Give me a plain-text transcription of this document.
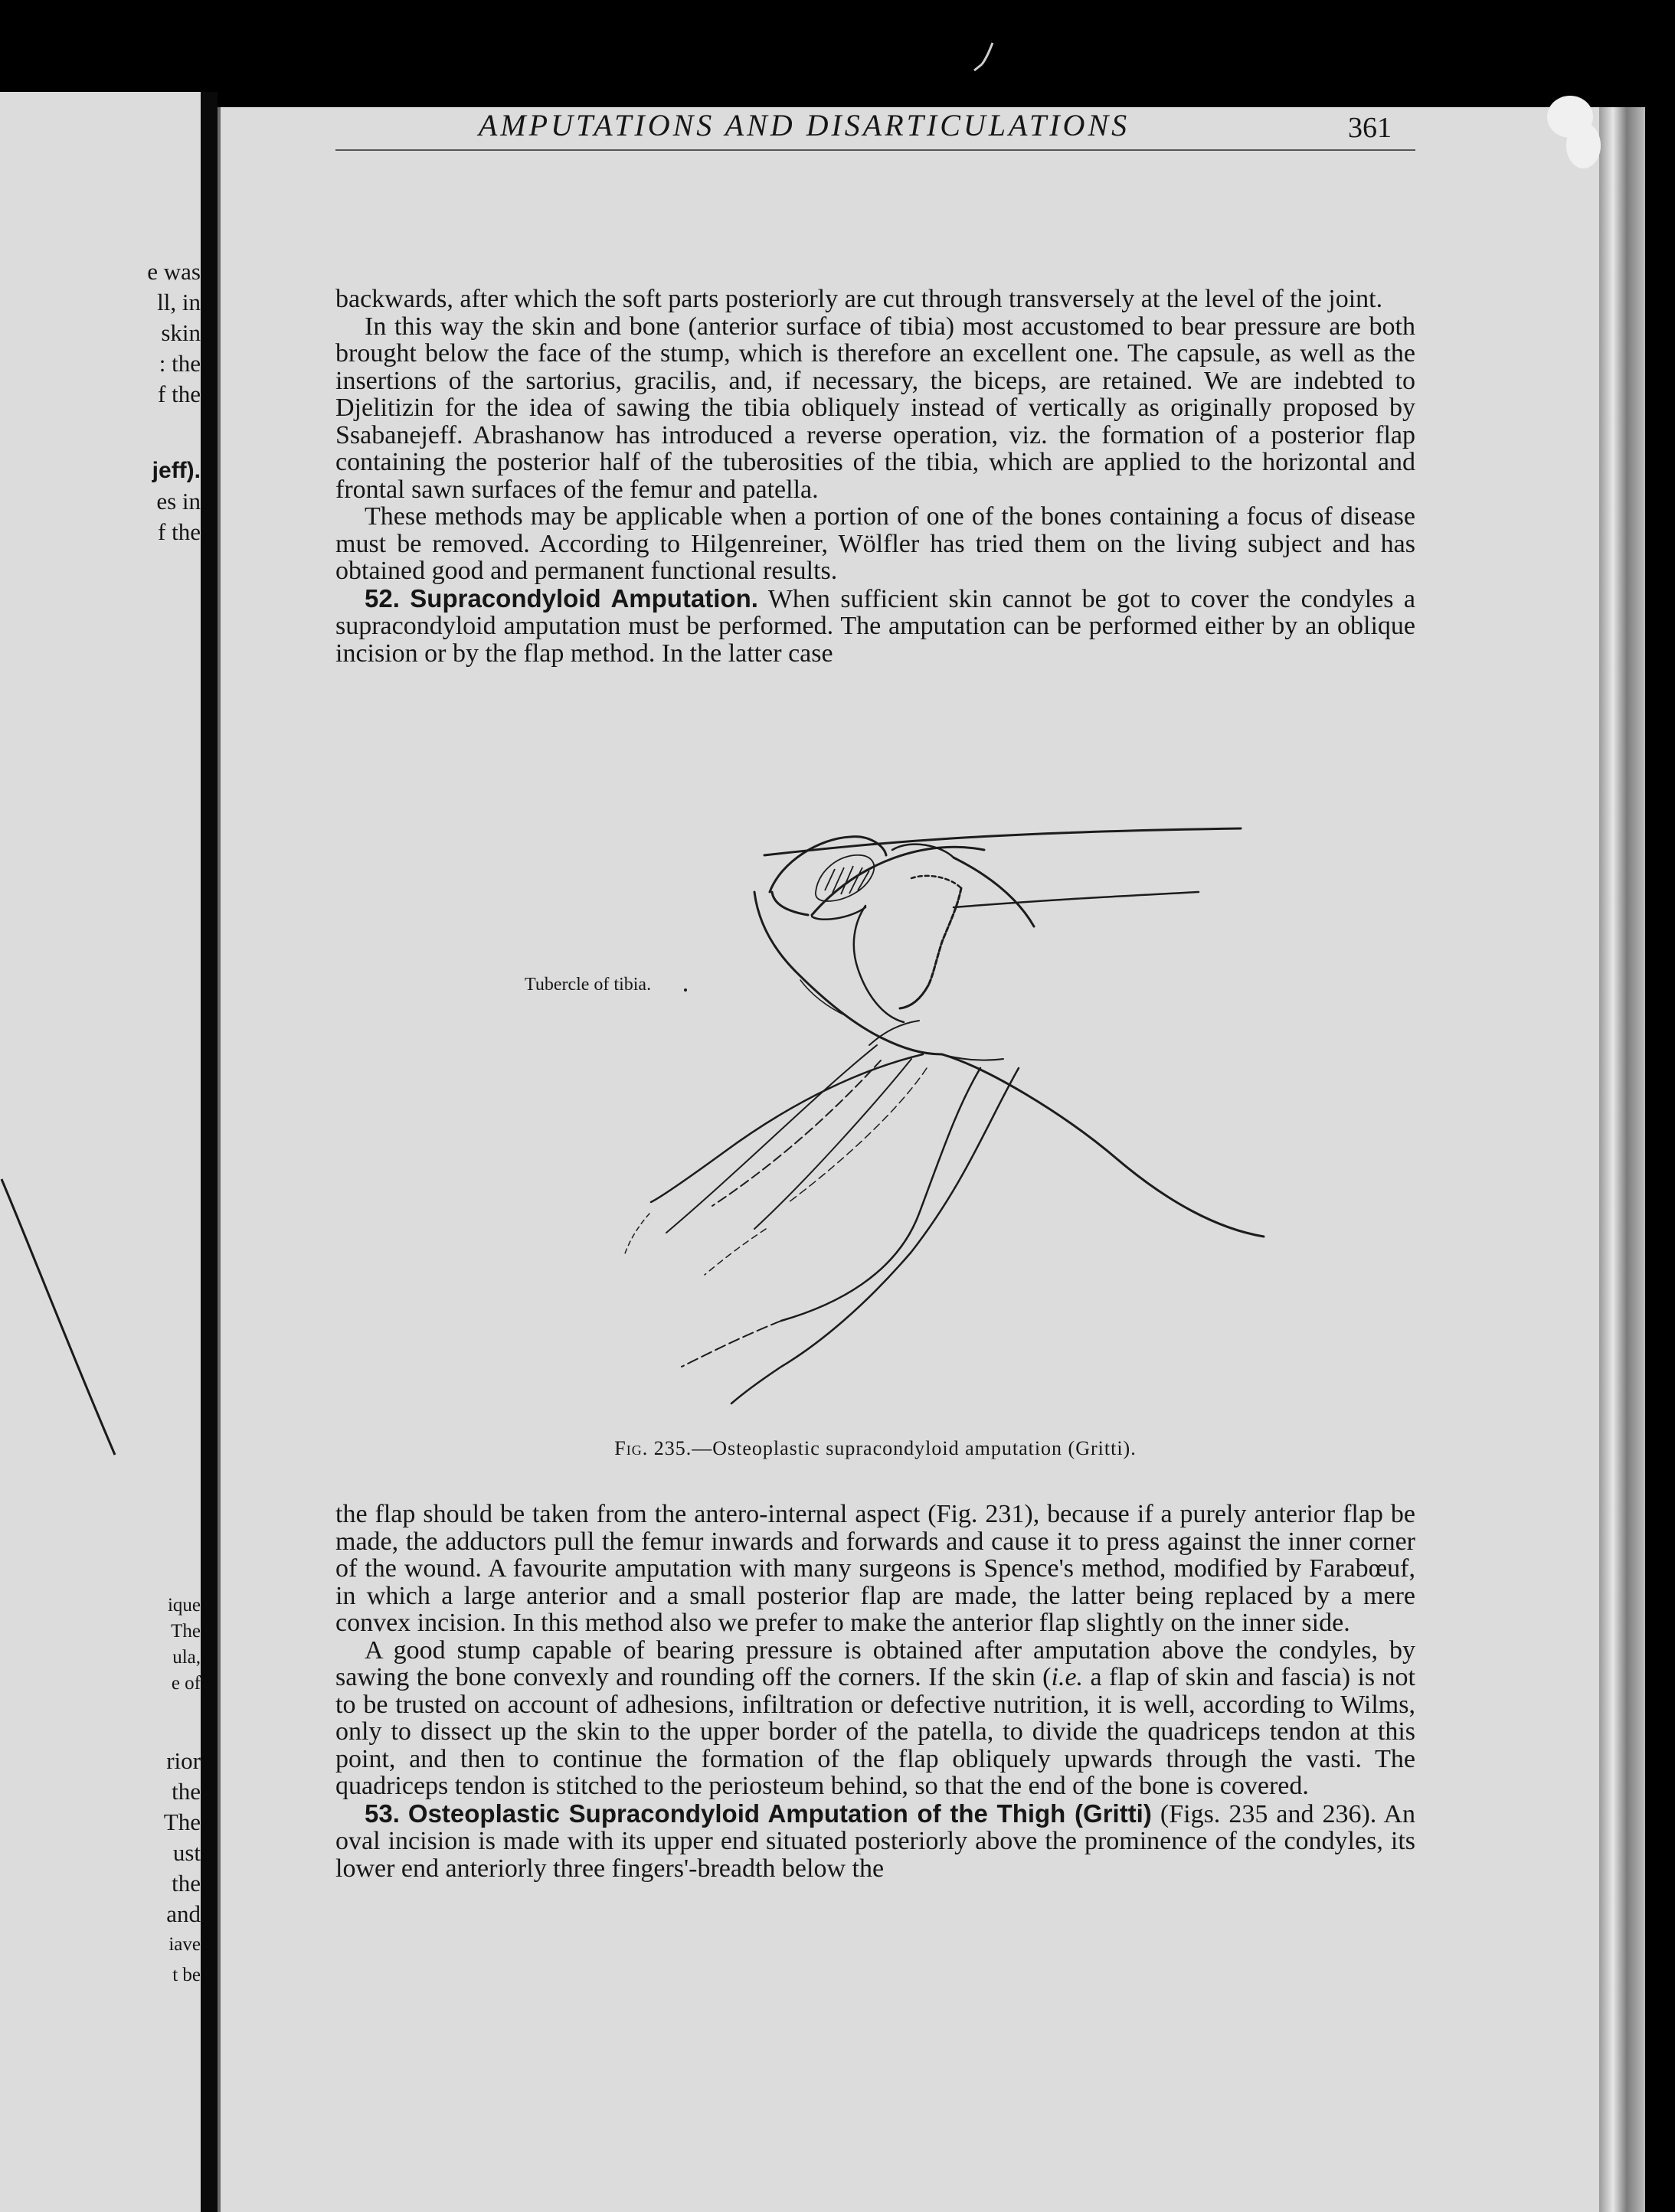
e was
ll, in
skin
: the
f the
jeff).
es in
f the
ique
The
ula,
e of
rior
the
The
ust
the
and
iave
t be
AMPUTATIONS AND DISARTICULATIONS	361

backwards, after which the soft parts posteriorly are cut through transversely at the level of the joint.

In this way the skin and bone (anterior surface of tibia) most accustomed to bear pressure are both brought below the face of the stump, which is therefore an excellent one. The capsule, as well as the insertions of the sartorius, gracilis, and, if necessary, the biceps, are retained. We are indebted to Djelitizin for the idea of sawing the tibia obliquely instead of vertically as originally proposed by Ssabanejeff. Abrashanow has introduced a reverse operation, viz. the formation of a posterior flap containing the posterior half of the tuberosities of the tibia, which are applied to the horizontal and frontal sawn surfaces of the femur and patella.

These methods may be applicable when a portion of one of the bones containing a focus of disease must be removed. According to Hilgenreiner, Wölfler has tried them on the living subject and has obtained good and permanent functional results.

52. Supracondyloid Amputation. When sufficient skin cannot be got to cover the condyles a supracondyloid amputation must be performed. The amputation can be performed either by an oblique incision or by the flap method. In the latter case

Tubercle of tibia.
Fig. 235.—Osteoplastic supracondyloid amputation (Gritti).

the flap should be taken from the antero-internal aspect (Fig. 231), because if a purely anterior flap be made, the adductors pull the femur inwards and forwards and cause it to press against the inner corner of the wound. A favourite amputation with many surgeons is Spence's method, modified by Farabœuf, in which a large anterior and a small posterior flap are made, the latter being replaced by a mere convex incision. In this method also we prefer to make the anterior flap slightly on the inner side.

A good stump capable of bearing pressure is obtained after amputation above the condyles, by sawing the bone convexly and rounding off the corners. If the skin (i.e. a flap of skin and fascia) is not to be trusted on account of adhesions, infiltration or defective nutrition, it is well, according to Wilms, only to dissect up the skin to the upper border of the patella, to divide the quadriceps tendon at this point, and then to continue the formation of the flap obliquely upwards through the vasti. The quadriceps tendon is stitched to the periosteum behind, so that the end of the bone is covered.

53. Osteoplastic Supracondyloid Amputation of the Thigh (Gritti) (Figs. 235 and 236). An oval incision is made with its upper end situated posteriorly above the prominence of the condyles, its lower end anteriorly three fingers'-breadth below the
